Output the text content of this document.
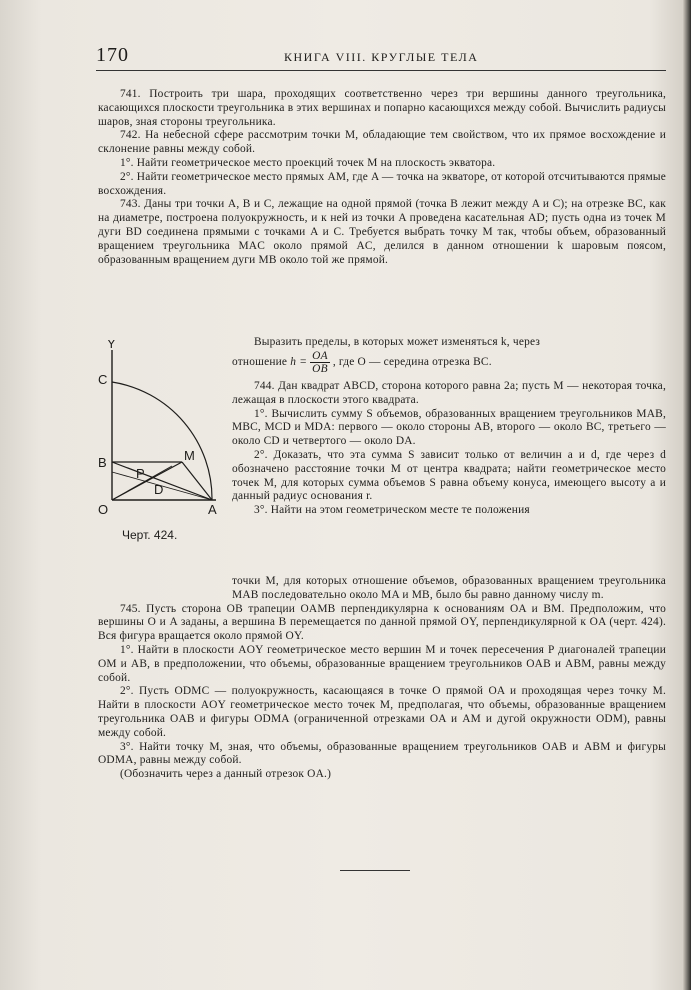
170	КНИГА VIII. КРУГЛЫЕ ТЕЛА

741. Построить три шара, проходящих соответственно через три вершины данного треугольника, касающихся плоскости треугольника в этих вершинах и попарно касающихся между собой. Вычислить радиусы шаров, зная стороны треугольника.

742. На небесной сфере рассмотрим точки M, обладающие тем свойством, что их прямое восхождение и склонение равны между собой.

1°. Найти геометрическое место проекций точек M на плоскость экватора.

2°. Найти геометрическое место прямых AM, где A — точка на экваторе, от которой отсчитываются прямые восхождения.

743. Даны три точки A, B и C, лежащие на одной прямой (точка B лежит между A и C); на отрезке BC, как на диаметре, построена полуокружность, и к ней из точки A проведена касательная AD; пусть одна из точек M дуги BD соединена прямыми с точками A и C. Требуется выбрать точку M так, чтобы объем, образованный вращением треугольника MAC около прямой AC, делился в данном отношении k шаровым поясом, образованным вращением дуги MB около той же прямой.

Выразить пределы, в которых может изменяться k, через

отношение $h = \frac{OA}{OB}$ , где O — середина отрезка BC.

744. Дан квадрат ABCD, сторона которого равна 2a; пусть M — некоторая точка, лежащая в плоскости этого квадрата.

1°. Вычислить сумму S объемов, образованных вращением треугольников MAB, MBC, MCD и MDA: первого — около стороны AB, второго — около BC, третьего — около CD и четвертого — около DA.

2°. Доказать, что эта сумма S зависит только от величин a и d, где через d обозначено расстояние точки M от центра квадрата; найти геометрическое место точек M, для которых сумма объемов S равна объему конуса, имеющего высоту a и данный радиус основания r.

3°. Найти на этом геометрическом месте те положения

Y
C
B	M
P
D
O	A
Черт. 424.

точки M, для которых отношение объемов, образованных вращением треугольника MAB последовательно около MA и MB, было бы равно данному числу m.

745. Пусть сторона OB трапеции OAMB перпендикулярна к основаниям OA и BM. Предположим, что вершины O и A заданы, а вершина B перемещается по данной прямой OY, перпендикулярной к OA (черт. 424). Вся фигура вращается около прямой OY.

1°. Найти в плоскости AOY геометрическое место вершин M и точек пересечения P диагоналей трапеции OM и AB, в предположении, что объемы, образованные вращением треугольников OAB и ABM, равны между собой.

2°. Пусть ODMC — полуокружность, касающаяся в точке O прямой OA и проходящая через точку M. Найти в плоскости AOY геометрическое место точек M, предполагая, что объемы, образованные вращением треугольника OAB и фигуры ODMA (ограниченной отрезками OA и AM и дугой окружности ODM), равны между собой.

3°. Найти точку M, зная, что объемы, образованные вращением треугольников OAB и ABM и фигуры ODMA, равны между собой.

(Обозначить через a данный отрезок OA.)
